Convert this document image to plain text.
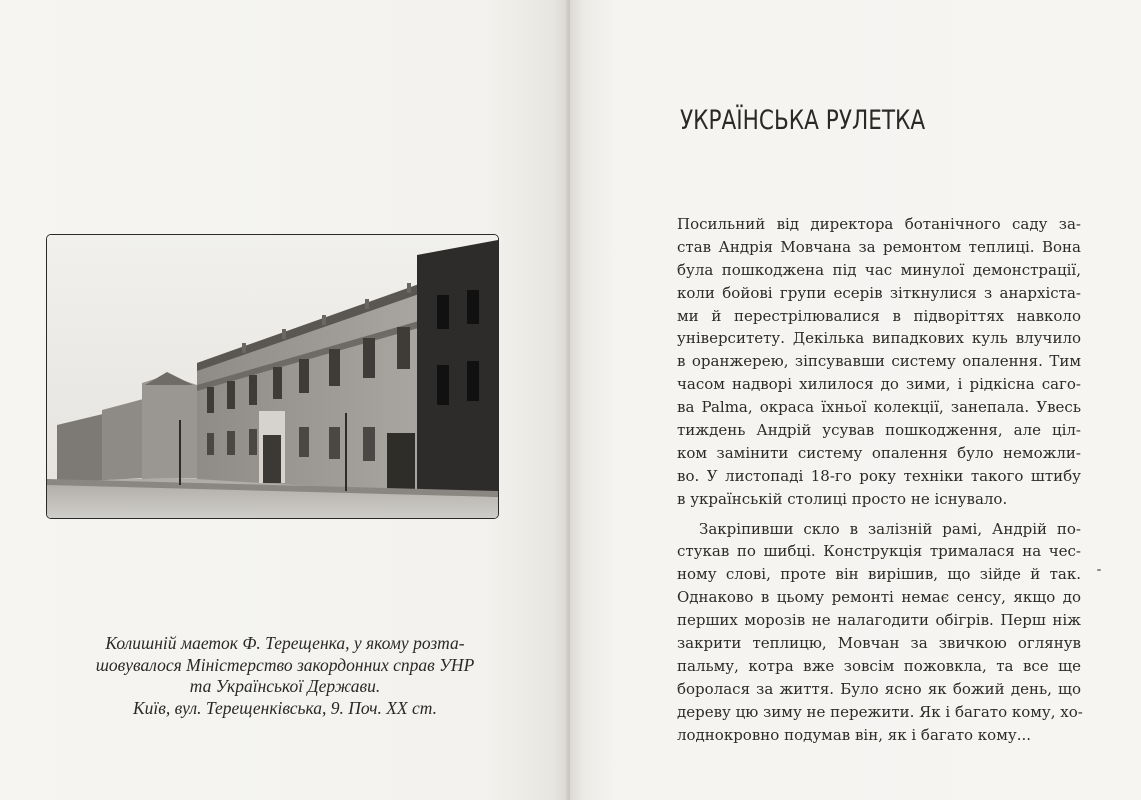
Колишній маеток Ф. Терещенка, у якому розта-
шовувалося Міністерство закордонних справ УНР
та Української Держави.
Київ, вул. Терещенківська, 9. Поч. XX ст.
УКРАЇНСЬКА РУЛЕТКА
Посильний від директора ботанічного саду за-
став Андрія Мовчана за ремонтом теплиці. Вона
була пошкоджена під час минулої демонстрації,
коли бойові групи есерів зіткнулися з анархіста-
ми й перестрілювалися в підворіттях навколо
університету. Декілька випадкових куль влучило
в оранжерею, зіпсувавши систему опалення. Тим
часом надворі хилилося до зими, і рідкісна саго-
ва Palma, окраса їхньої колекції, занепала. Увесь
тиждень Андрій усував пошкодження, але ціл-
ком замінити систему опалення було неможли-
во. У листопаді 18-го року техніки такого штибу
в українській столиці просто не існувало.
Закріпивши скло в залізній рамі, Андрій по-
стукав по шибці. Конструкція трималася на чес-
ному слові, проте він вирішив, що зійде й так.
Однаково в цьому ремонті немає сенсу, якщо до
перших морозів не налагодити обігрів. Перш ніж
закрити теплицю, Мовчан за звичкою оглянув
пальму, котра вже зовсім пожовкла, та все ще
боролася за життя. Було ясно як божий день, що
дереву цю зиму не пережити. Як і багато кому, хо-
лоднокровно подумав він, як і багато кому...
